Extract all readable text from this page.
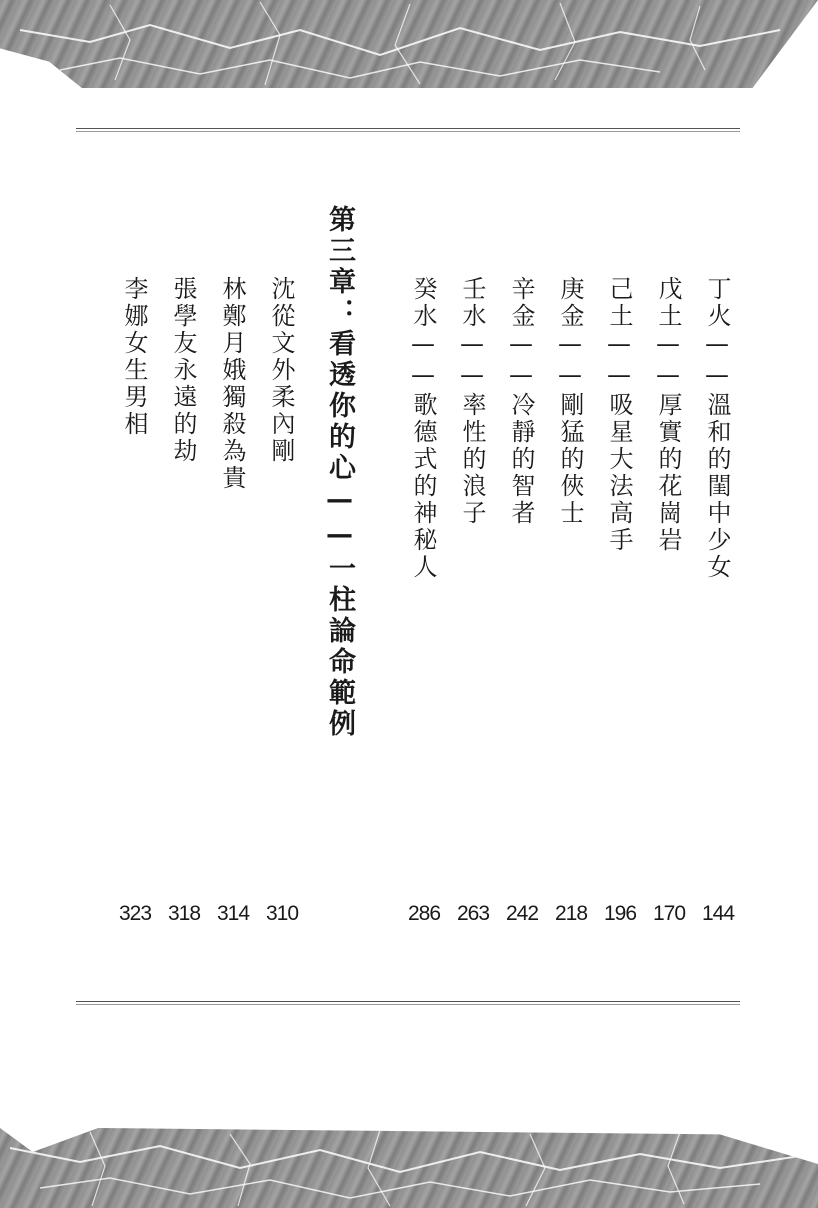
丁火——溫和的閨中少女
戊土——厚實的花崗岩
己土——吸星大法高手
庚金——剛猛的俠士
辛金——冷靜的智者
壬水——率性的浪子
癸水——歌德式的神秘人
第三章：看透你的心——一柱論命範例
沈從文外柔內剛
林鄭月娥獨殺為貴
張學友永遠的劫
李娜女生男相
144
170
196
218
242
263
286
310
314
318
323
